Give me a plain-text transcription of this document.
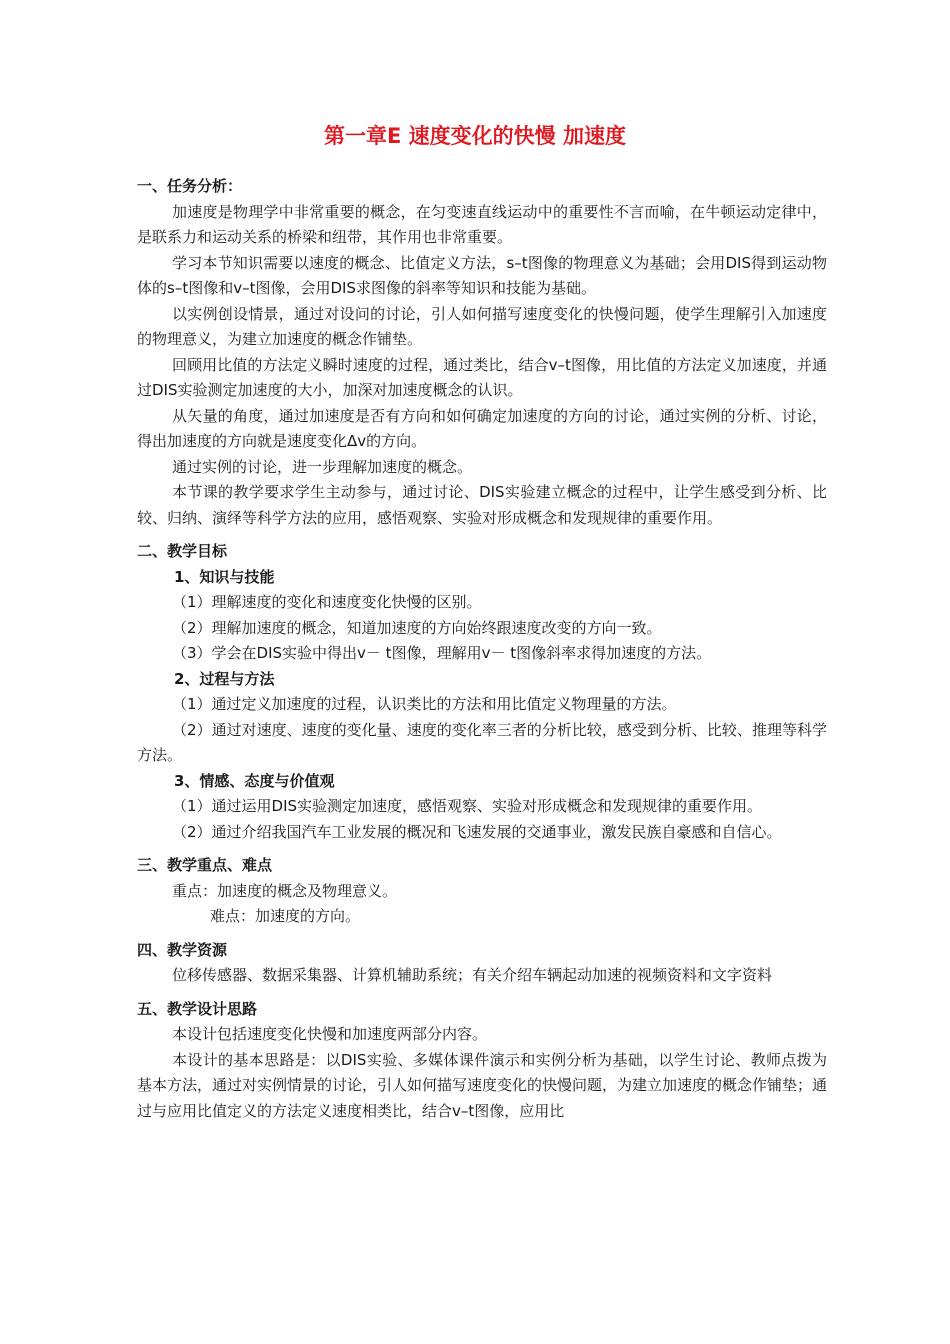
第一章E 速度变化的快慢 加速度
一、任务分析：
加速度是物理学中非常重要的概念，在匀变速直线运动中的重要性不言而喻，在牛顿运动定律中，是联系力和运动关系的桥梁和纽带，其作用也非常重要。
学习本节知识需要以速度的概念、比值定义方法，s–t图像的物理意义为基础；会用DIS得到运动物体的s–t图像和v–t图像，会用DIS求图像的斜率等知识和技能为基础。
以实例创设情景，通过对设问的讨论，引人如何描写速度变化的快慢问题，使学生理解引入加速度的物理意义，为建立加速度的概念作铺垫。
回顾用比值的方法定义瞬时速度的过程，通过类比，结合v–t图像，用比值的方法定义加速度，并通过DIS实验测定加速度的大小，加深对加速度概念的认识。
从矢量的角度，通过加速度是否有方向和如何确定加速度的方向的讨论，通过实例的分析、讨论，得出加速度的方向就是速度变化Δv的方向。
通过实例的讨论，进一步理解加速度的概念。
本节课的教学要求学生主动参与，通过讨论、DIS实验建立概念的过程中，让学生感受到分析、比较、归纳、演绎等科学方法的应用，感悟观察、实验对形成概念和发现规律的重要作用。
二、教学目标
1、知识与技能
（1）理解速度的变化和速度变化快慢的区别。
（2）理解加速度的概念，知道加速度的方向始终跟速度改变的方向一致。
（3）学会在DIS实验中得出v－ t图像，理解用v－ t图像斜率求得加速度的方法。
2、过程与方法
（1）通过定义加速度的过程，认识类比的方法和用比值定义物理量的方法。
（2）通过对速度、速度的变化量、速度的变化率三者的分析比较，感受到分析、比较、推理等科学方法。
3、情感、态度与价值观
（1）通过运用DIS实验测定加速度，感悟观察、实验对形成概念和发现规律的重要作用。
（2）通过介绍我国汽车工业发展的概况和飞速发展的交通事业，激发民族自豪感和自信心。
三、教学重点、难点
重点：加速度的概念及物理意义。
难点：加速度的方向。
四、教学资源
位移传感器、数据采集器、计算机辅助系统；有关介绍车辆起动加速的视频资料和文字资料
五、教学设计思路
本设计包括速度变化快慢和加速度两部分内容。
本设计的基本思路是：以DIS实验、多媒体课件演示和实例分析为基础，以学生讨论、教师点拨为基本方法，通过对实例情景的讨论，引人如何描写速度变化的快慢问题，为建立加速度的概念作铺垫；通过与应用比值定义的方法定义速度相类比，结合v–t图像，应用比
